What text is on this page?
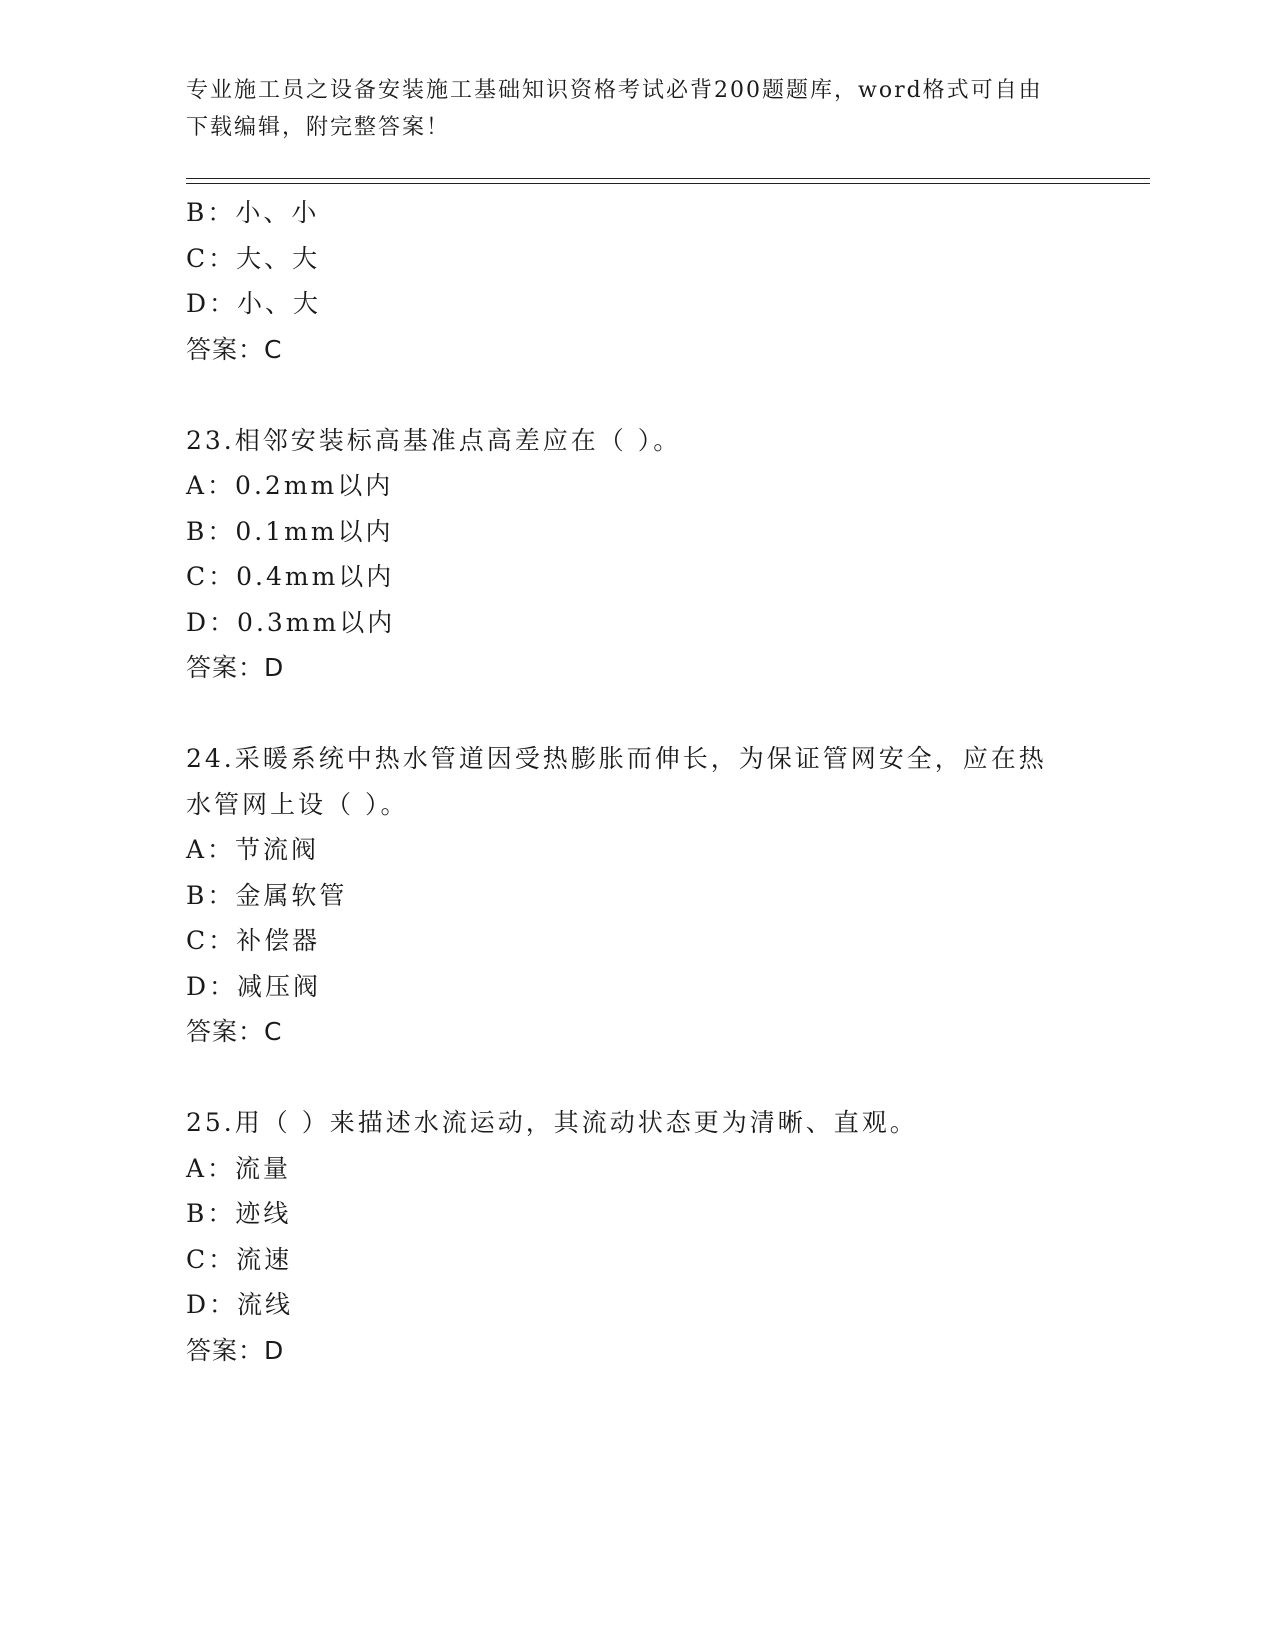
专业施工员之设备安装施工基础知识资格考试必背200题题库，word格式可自由下载编辑，附完整答案！
B：小、小
C：大、大
D：小、大
答案：C
23.相邻安装标高基准点高差应在（ ）。
A：0.2mm以内
B：0.1mm以内
C：0.4mm以内
D：0.3mm以内
答案：D
24.采暖系统中热水管道因受热膨胀而伸长，为保证管网安全，应在热水管网上设（ ）。
A：节流阀
B：金属软管
C：补偿器
D：减压阀
答案：C
25.用（ ）来描述水流运动，其流动状态更为清晰、直观。
A：流量
B：迹线
C：流速
D：流线
答案：D
